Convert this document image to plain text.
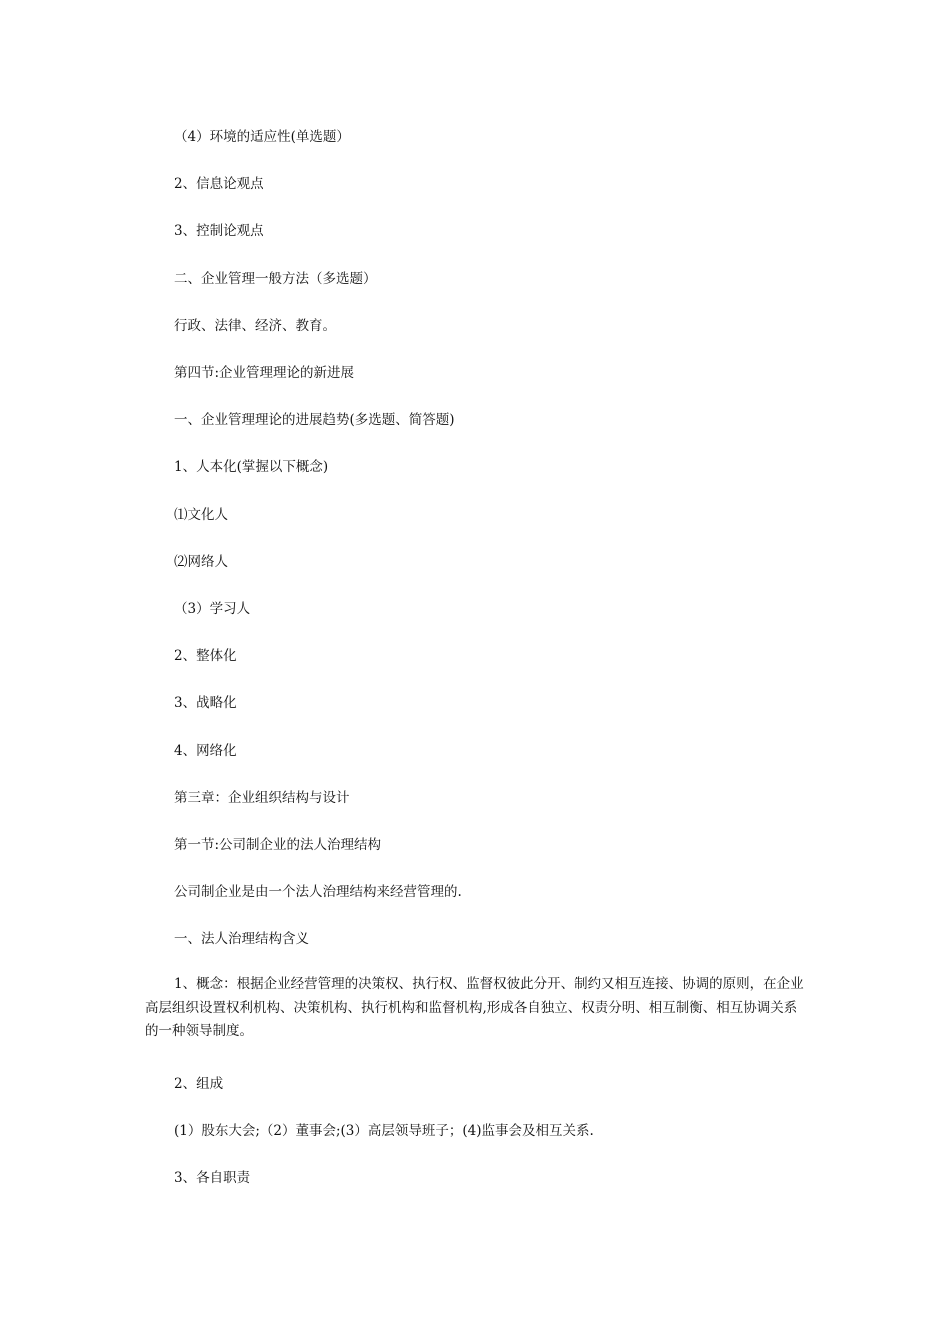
（4）环境的适应性(单选题）
2、信息论观点
3、控制论观点
二、企业管理一般方法（多选题）
行政、法律、经济、教育。
第四节:企业管理理论的新进展
一、企业管理理论的进展趋势(多选题、简答题)
1、人本化(掌握以下概念)
⑴文化人
⑵网络人
（3）学习人
2、整体化
3、战略化
4、网络化
第三章：企业组织结构与设计
第一节:公司制企业的法人治理结构
公司制企业是由一个法人治理结构来经营管理的.
一、法人治理结构含义
1、概念：根据企业经营管理的决策权、执行权、监督权彼此分开、制约又相互连接、协调的原则，在企业高层组织设置权利机构、决策机构、执行机构和监督机构,形成各自独立、权责分明、相互制衡、相互协调关系的一种领导制度。
2、组成
(1）股东大会;（2）董事会;(3）高层领导班子；(4)监事会及相互关系.
3、各自职责
